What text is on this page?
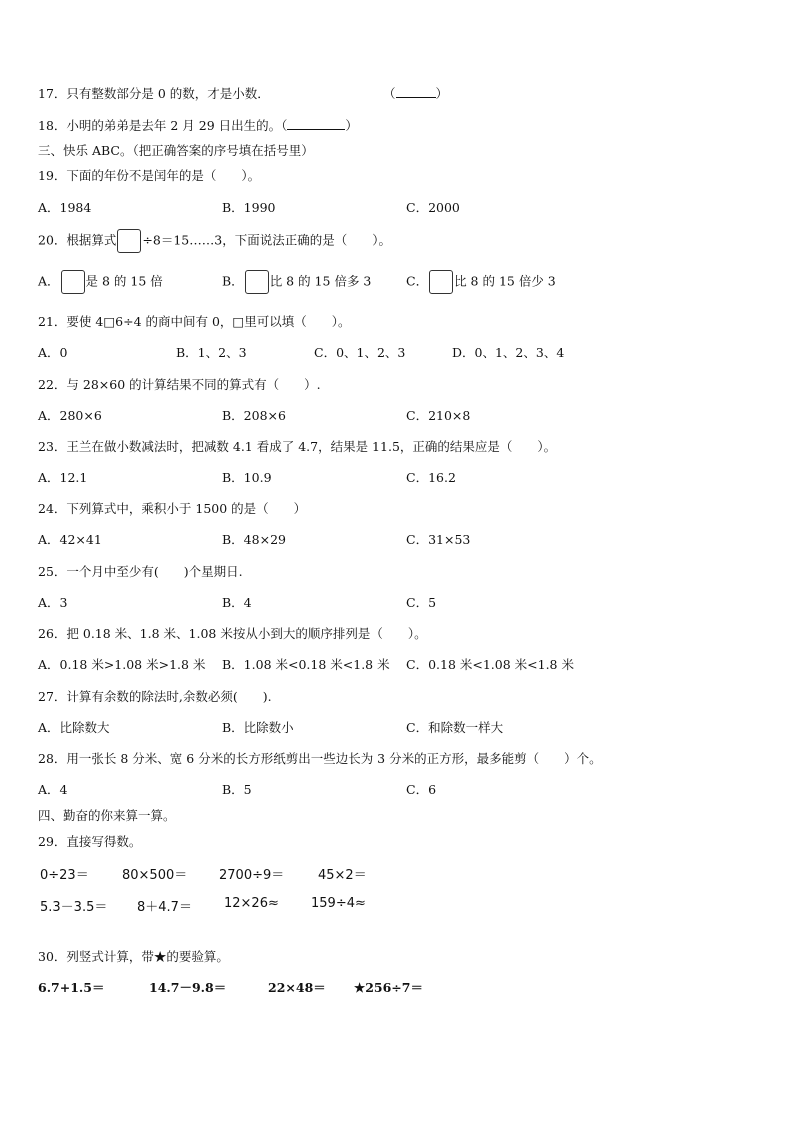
17．只有整数部分是 0 的数，才是小数．	（	）
18．小明的弟弟是去年 2 月 29 日出生的。（	）
三、快乐 ABC。（把正确答案的序号填在括号里）
19．下面的年份不是闰年的是（　　）。
A．1984	B．1990	C．2000
20．根据算式 ÷8＝15……3，下面说法正确的是（　　）。
A． 是 8 的 15 倍	B． 比 8 的 15 倍多 3	C． 比 8 的 15 倍少 3
21．要使 4□6÷4 的商中间有 0，□里可以填（　　）。
A．0	B．1、2、3	C．0、1、2、3	D．0、1、2、3、4
22．与 28×60 的计算结果不同的算式有（　　）.
A．280×6	B．208×6	C．210×8
23．王兰在做小数减法时，把减数 4.1 看成了 4.7，结果是 11.5，正确的结果应是（　　）。
A．12.1	B．10.9	C．16.2
24．下列算式中，乘积小于 1500 的是（　　）
A．42×41	B．48×29	C．31×53
25．一个月中至少有(　　)个星期日.
A．3	B．4	C．5
26．把 0.18 米、1.8 米、1.08 米按从小到大的顺序排列是（　　）。
A．0.18 米>1.08 米>1.8 米 B．1.08 米<0.18 米<1.8 米 C．0.18 米<1.08 米<1.8 米
27．计算有余数的除法时,余数必须(　　).
A．比除数大	B．比除数小	C．和除数一样大
28．用一张长 8 分米、宽 6 分米的长方形纸剪出一些边长为 3 分米的正方形，最多能剪（　　）个。
A．4	B．5	C．6
四、勤奋的你来算一算。
29．直接写得数。
0÷23＝	80×500＝ 2700÷9＝	45×2＝
5.3－3.5＝ 8＋4.7＝ 12×26≈ 159÷4≈
30．列竖式计算，带★的要验算。
6.7+1.5＝	14.7－9.8＝	22×48＝ ★256÷7＝
